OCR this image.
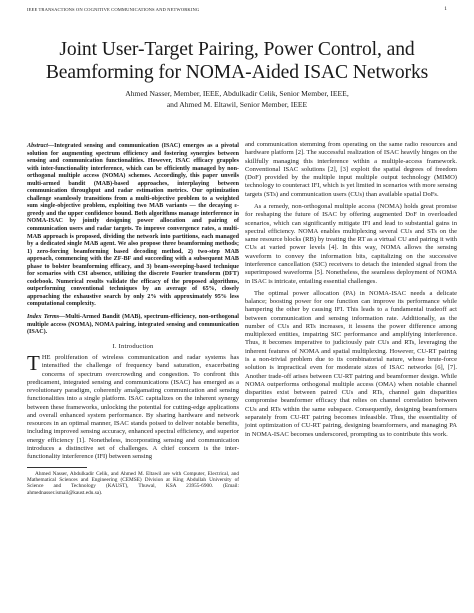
IEEE TRANSACTIONS ON COGNITIVE COMMUNICATIONS AND NETWORKING	1
Joint User-Target Pairing, Power Control, and
Beamforming for NOMA-Aided ISAC Networks
Ahmed Nasser, Member, IEEE, Abdulkadir Celik, Senior Member, IEEE,
and Ahmed M. Eltawil, Senior Member, IEEE
Abstract—Integrated sensing and communication (ISAC) emerges as a pivotal solution for augmenting spectrum efficiency and fostering synergies between sensing and communication functionalities. However, ISAC efficacy grapples with inter-functionality interference, which can be efficiently managed by non-orthogonal multiple access (NOMA) schemes. Accordingly, this paper unveils multi-armed bandit (MAB)-based approaches, interplaying between communication throughput and radar estimation metrics. Our optimization challenge seamlessly transitions from a multi-objective problem to a weighted sum single-objective problem, exploiting two MAB variants — the decaying ε-greedy and the upper confidence bound. Both algorithms manage interference in NOMA-ISAC by jointly designing power allocation and pairing of communication users and radar targets. To improve convergence rates, a multi-MAB approach is proposed, dividing the network into partitions, each managed by a dedicated single MAB agent. We also propose three beamforming methods; 1) zero-forcing beamforming based decoding method, 2) two-step MAB approach, commencing with the ZF-BF and succeeding with a subsequent MAB phase to bolster beamforming efficacy, and 3) beam-sweeping-based technique for scenarios with CSI absence, utilizing the discrete Fourier transform (DFT) codebook. Numerical results validate the efficacy of the proposed algorithms, outperforming conventional techniques by an average of 65%, closely approaching the exhaustive search by only 2% with approximately 95% less computational complexity.
Index Terms—Multi-Armed Bandit (MAB), spectrum-efficiency, non-orthogonal multiple access (NOMA), NOMA pairing, integrated sensing and communication (ISAC).
I. Introduction
THE proliferation of wireless communication and radar systems has intensified the challenge of frequency band saturation, exacerbating concerns of spectrum overcrowding and congestion. To confront this predicament, integrated sensing and communications (ISAC) has emerged as a revolutionary paradigm, coherently amalgamating communication and sensing functionalities into a single platform. ISAC capitalizes on the inherent synergy between these frameworks, unlocking the potential for cutting-edge applications and overall enhanced system performance. By sharing hardware and network resources in an optimal manner, ISAC stands poised to deliver notable benefits, including improved sensing accuracy, enhanced spectral efficiency, and superior energy efficiency [1]. Nonetheless, incorporating sensing and communication introduces a distinctive set of challenges. A chief concern is the inter-functionality interference (IFI) between sensing
Ahmed Nasser, Abdulkadir Celik, and Ahmed M. Eltawil are with Computer, Electrical, and Mathematical Sciences and Engineering (CEMSE) Division at King Abdullah University of Science and Technology (KAUST), Thuwal, KSA 23955-6900. (Email: ahmednasser.ismail@kaust.edu.sa).
and communication stemming from operating on the same radio resources and hardware platform [2]. The successful realization of ISAC heavily hinges on the skillfully managing this interference within a multiple-access framework. Conventional ISAC solutions [2], [3] exploit the spatial degrees of freedom (DoF) provided by the multiple input multiple output technology (MIMO) technology to counteract IFI, which is yet limited in scenarios with more sensing targets (STs) and communication users (CUs) than available spatial DoFs.
As a remedy, non-orthogonal multiple access (NOMA) holds great promise for reshaping the future of ISAC by offering augmented DoF in overloaded scenarios, which can significantly mitigate IFI and lead to substantial gains in spectral efficiency. NOMA enables multiplexing several CUs and STs on the same resource blocks (RB) by treating the RT as a virtual CU and pairing it with CUs at varied power levels [4]. In this way, NOMA allows the sensing waveform to convey the information bits, capitalizing on the successive interference cancellation (SIC) receivers to detach the intended signal from the superimposed waveforms [5]. Nonetheless, the seamless deployment of NOMA in ISAC is intricate, entailing essential challenges.
The optimal power allocation (PA) in NOMA-ISAC needs a delicate balance; boosting power for one function can improve its performance while hampering the other by causing IFI. This leads to a fundamental tradeoff act between communication and sensing information rate. Additionally, as the number of CUs and RTs increases, it lessens the power difference among multiplexed entities, impairing SIC performance and amplifying interference. Thus, it becomes imperative to judiciously pair CUs and RTs, leveraging the inherent features of NOMA and spatial multiplexing. However, CU-RT pairing is a non-trivial problem due to its combinatorial nature, whose brute-force solution is impractical even for moderate sizes of ISAC networks [6], [7]. Another trade-off arises between CU-RT pairing and beamformer design. While NOMA outperforms orthogonal multiple access (OMA) when notable channel disparities exist between paired CUs and RTs, channel gain disparities compromise beamformer efficacy that relies on channel correlation between CUs and RTs within the same subspace. Consequently, designing beamformers separately from CU-RT pairing becomes infeasible. Thus, the essentiality of joint optimization of CU-RT pairing, designing beamformers, and managing PA in NOMA-ISAC becomes underscored, prompting us to contribute this work.
